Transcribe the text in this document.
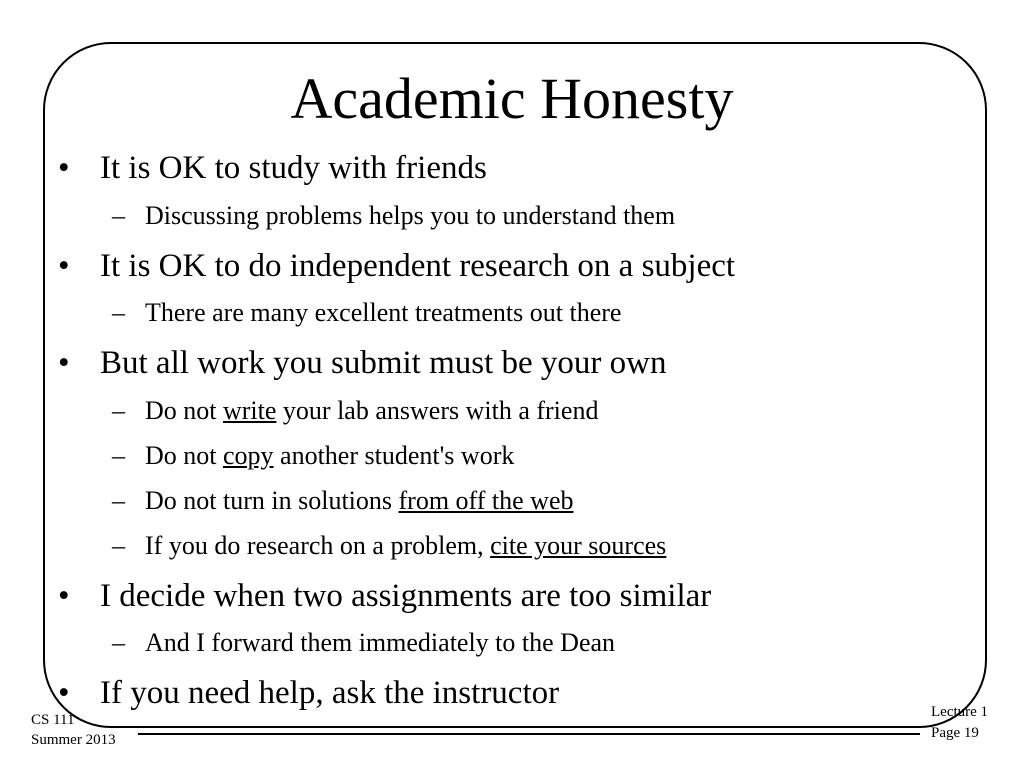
Academic Honesty
• It is OK to study with friends
– Discussing problems helps you to understand them
• It is OK to do independent research on a subject
– There are many excellent treatments out there
• But all work you submit must be your own
– Do not write your lab answers with a friend
– Do not copy another student's work
– Do not turn in solutions from off the web
– If you do research on a problem, cite your sources
• I decide when two assignments are too similar
– And I forward them immediately to the Dean
• If you need help, ask the instructor
CS 111
Summer 2013
Lecture 1
Page 19
